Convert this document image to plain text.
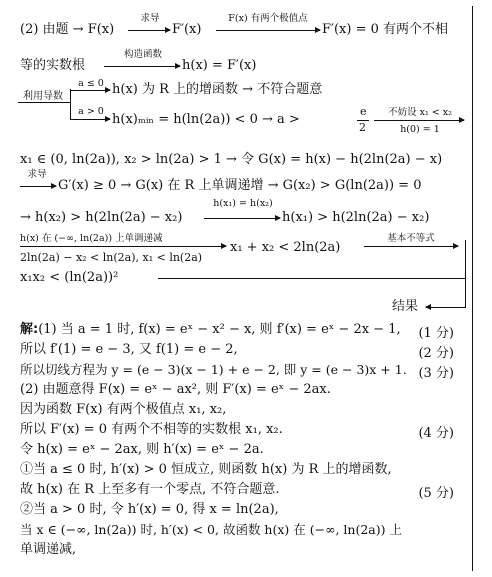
(2) 由题 → F(x)
求导
F′(x)
F(x) 有两个极值点
F′(x) = 0 有两个不相
等的实数根
构造函数
h(x) = F′(x)
利用导数
a ≤ 0 h(x) 为 R 上的增函数 → 不符合题意
a > 0
h(x)ₘᵢₙ = h(ln(2a)) < 0 → a >
e
2
不妨设 x₁ < x₂
h(0) = 1
x₁ ∈ (0, ln(2a)), x₂ > ln(2a) > 1 → 令 G(x) = h(x) − h(2ln(2a) − x)
求导
G′(x) ≥ 0 → G(x) 在 R 上单调递增 → G(x₂) > G(ln(2a)) = 0
→ h(x₂) > h(2ln(2a) − x₂)
h(x₁) = h(x₂)
h(x₁) > h(2ln(2a) − x₂)
h(x) 在 (−∞, ln(2a)) 上单调递减
x₁ + x₂ < 2ln(2a)
基本不等式
2ln(2a) − x₂ < ln(2a), x₁ < ln(2a)
x₁x₂ < (ln(2a))²
结果
解:(1) 当 a = 1 时, f(x) = eˣ − x² − x, 则 f′(x) = eˣ − 2x − 1, (1 分)
所以 f′(1) = e − 3, 又 f(1) = e − 2,	(2 分)
所以切线方程为 y = (e − 3)(x − 1) + e − 2, 即 y = (e − 3)x + 1. (3 分)
(2) 由题意得 F(x) = eˣ − ax², 则 F′(x) = eˣ − 2ax.
因为函数 F(x) 有两个极值点 x₁, x₂,
所以 F′(x) = 0 有两个不相等的实数根 x₁, x₂.	(4 分)
令 h(x) = eˣ − 2ax, 则 h′(x) = eˣ − 2a.
①当 a ≤ 0 时, h′(x) > 0 恒成立, 则函数 h(x) 为 R 上的增函数,
故 h(x) 在 R 上至多有一个零点, 不符合题意.	(5 分)
②当 a > 0 时, 令 h′(x) = 0, 得 x = ln(2a),
当 x ∈ (−∞, ln(2a)) 时, h′(x) < 0, 故函数 h(x) 在 (−∞, ln(2a)) 上
单调递减,
